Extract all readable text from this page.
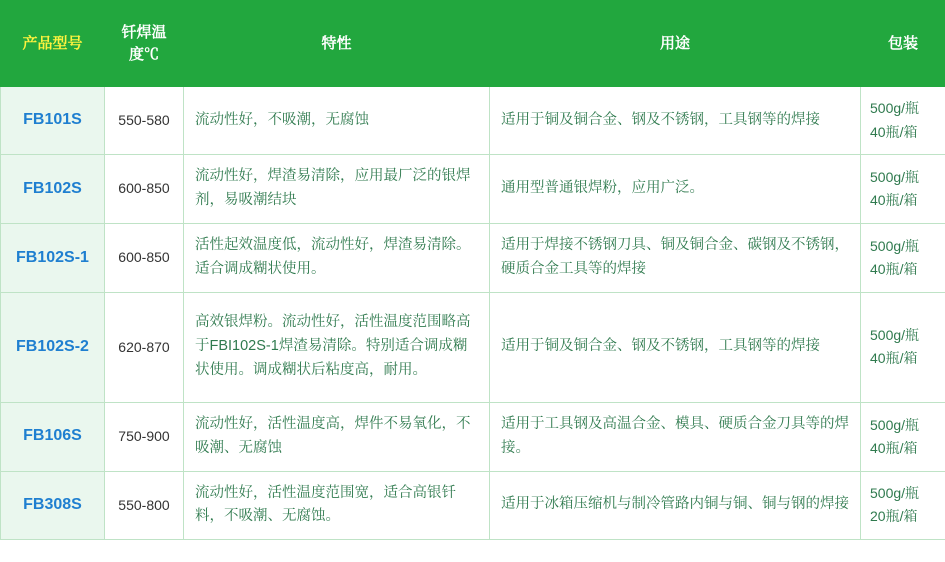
产品型号	钎焊温度℃	特性	用途	包装
FB101S	550-580	流动性好，不吸潮，无腐蚀	适用于铜及铜合金、钢及不锈钢，工具钢等的焊接	500g/瓶
40瓶/箱

FB102S	600-850	流动性好，焊渣易清除，应用最厂泛的银焊剂，易吸潮结块	通用型普通银焊粉，应用广泛。	500g/瓶
40瓶/箱

FB102S-1	600-850	活性起效温度低，流动性好，焊渣易清除。适合调成糊状使用。	适用于焊接不锈钢刀具、铜及铜合金、碳钢及不锈钢，硬质合金工具等的焊接	500g/瓶
40瓶/箱

FB102S-2	620-870	高效银焊粉。流动性好，活性温度范围略高于FBI102S-1焊渣易清除。特别适合调成糊状使用。调成糊状后粘度高，耐用。	适用于铜及铜合金、钢及不锈钢，工具钢等的焊接	500g/瓶
40瓶/箱

FB106S	750-900	流动性好，活性温度高，焊件不易氧化，不吸潮、无腐蚀	适用于工具钢及高温合金、模具、硬质合金刀具等的焊接。	500g/瓶
40瓶/箱

FB308S	550-800	流动性好，活性温度范围宽，适合高银钎料，不吸潮、无腐蚀。	适用于冰箱压缩机与制冷管路内铜与铜、铜与钢的焊接	500g/瓶
20瓶/箱
